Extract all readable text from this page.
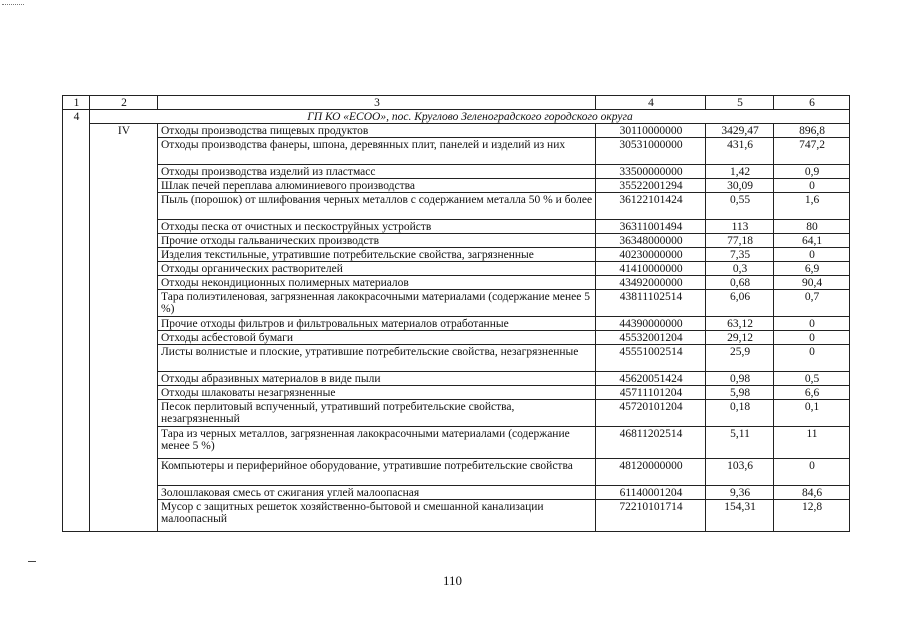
1	2	3	4	5	6
4	ГП КО «ЕСОО», пос. Круглово Зеленоградского городского округа				
	IV	Отходы производства пищевых продуктов	30110000000	3429,47	896,8
		Отходы производства фанеры, шпона, деревянных плит, панелей и изделий из них	30531000000	431,6	747,2
		Отходы производства изделий из пластмасс	33500000000	1,42	0,9
		Шлак печей переплава алюминиевого производства	35522001294	30,09	0
		Пыль (порошок) от шлифования черных металлов с содержанием металла 50 % и более	36122101424	0,55	1,6
		Отходы песка от очистных и пескоструйных устройств	36311001494	113	80
		Прочие отходы гальванических производств	36348000000	77,18	64,1
		Изделия текстильные, утратившие потребительские свойства, загрязненные	40230000000	7,35	0
		Отходы органических растворителей	41410000000	0,3	6,9
		Отходы некондиционных полимерных материалов	43492000000	0,68	90,4
		Тара полиэтиленовая, загрязненная лакокрасочными материалами (содержание менее 5 %)	43811102514	6,06	0,7
		Прочие отходы фильтров и фильтровальных материалов отработанные	44390000000	63,12	0
		Отходы асбестовой бумаги	45532001204	29,12	0
		Листы волнистые и плоские, утратившие потребительские свойства, незагрязненные	45551002514	25,9	0
		Отходы абразивных материалов в виде пыли	45620051424	0,98	0,5
		Отходы шлаковаты незагрязненные	45711101204	5,98	6,6
		Песок перлитовый вспученный, утративший потребительские свойства, незагрязненный	45720101204	0,18	0,1
		Тара из черных металлов, загрязненная лакокрасочными материалами (содержание менее 5 %)	46811202514	5,11	11
		Компьютеры и периферийное оборудование, утратившие потребительские свойства	48120000000	103,6	0
		Золошлаковая смесь от сжигания углей малоопасная	61140001204	9,36	84,6
		Мусор с защитных решеток хозяйственно-бытовой и смешанной канализации малоопасный	72210101714	154,31	12,8
110
